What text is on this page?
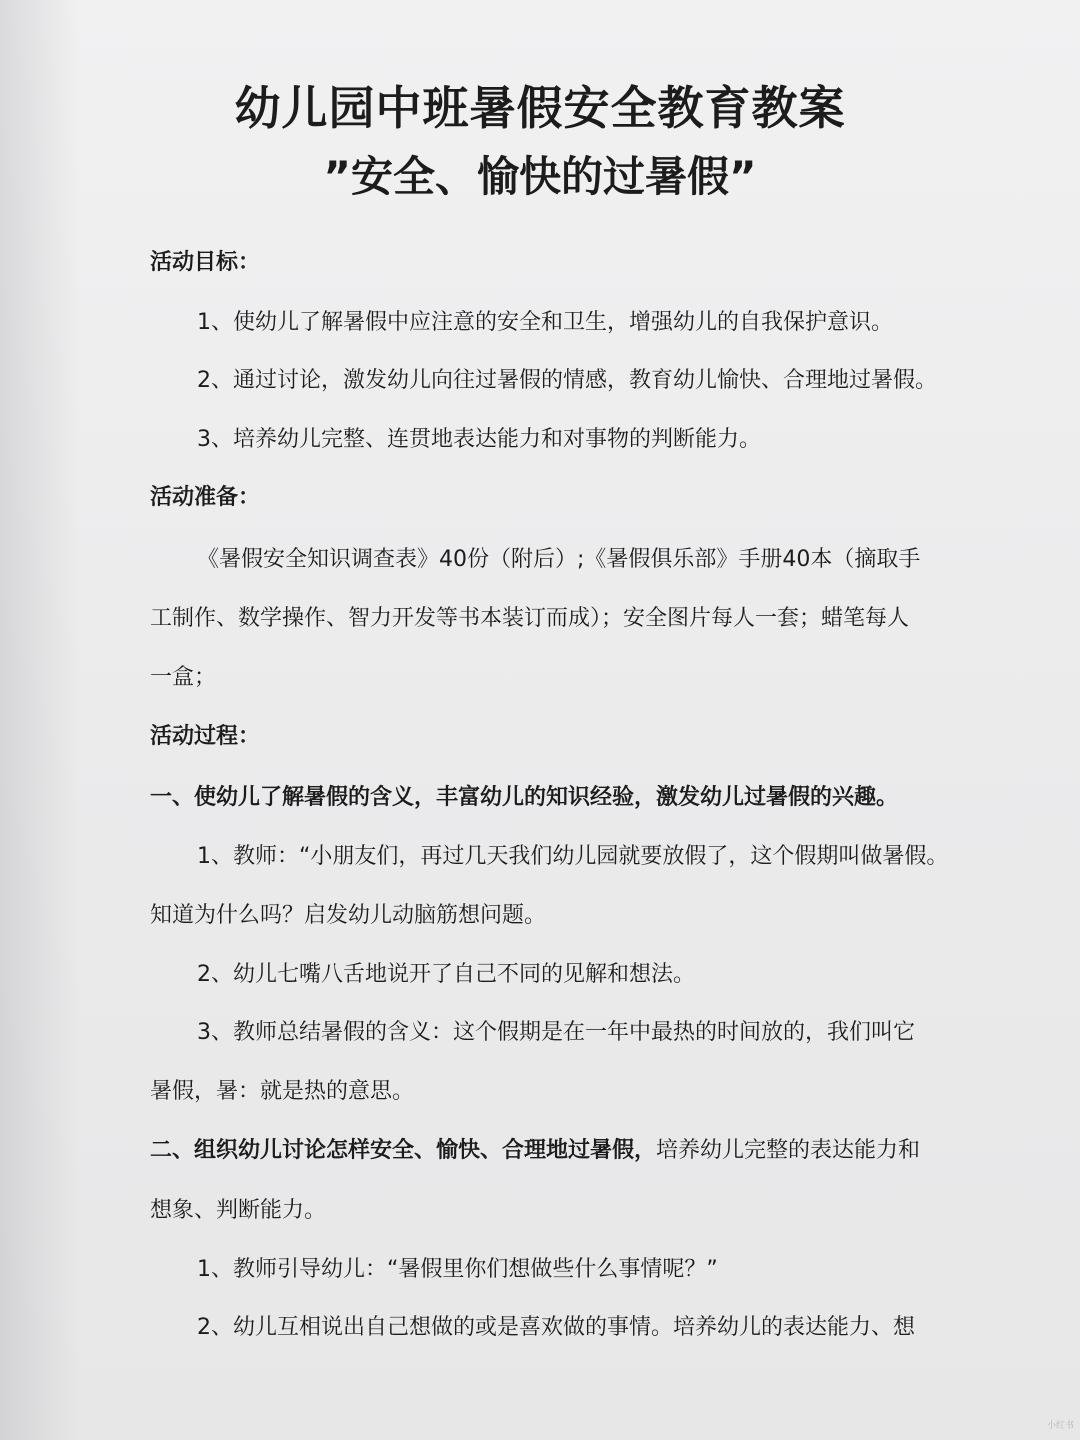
幼儿园中班暑假安全教育教案
”安全、愉快的过暑假”
活动目标：
1、使幼儿了解暑假中应注意的安全和卫生，增强幼儿的自我保护意识。
2、通过讨论，激发幼儿向往过暑假的情感，教育幼儿愉快、合理地过暑假。
3、培养幼儿完整、连贯地表达能力和对事物的判断能力。
活动准备：
《暑假安全知识调查表》40份（附后）;《暑假俱乐部》手册40本（摘取手
工制作、数学操作、智力开发等书本装订而成）；安全图片每人一套；蜡笔每人
一盒；
活动过程：
一、使幼儿了解暑假的含义，丰富幼儿的知识经验，激发幼儿过暑假的兴趣。
1、教师：“小朋友们，再过几天我们幼儿园就要放假了，这个假期叫做暑假。
知道为什么吗？启发幼儿动脑筋想问题。
2、幼儿七嘴八舌地说开了自己不同的见解和想法。
3、教师总结暑假的含义：这个假期是在一年中最热的时间放的，我们叫它
暑假，暑：就是热的意思。
二、组织幼儿讨论怎样安全、愉快、合理地过暑假，培养幼儿完整的表达能力和
想象、判断能力。
1、教师引导幼儿：“暑假里你们想做些什么事情呢？”
2、幼儿互相说出自己想做的或是喜欢做的事情。培养幼儿的表达能力、想
小红书
